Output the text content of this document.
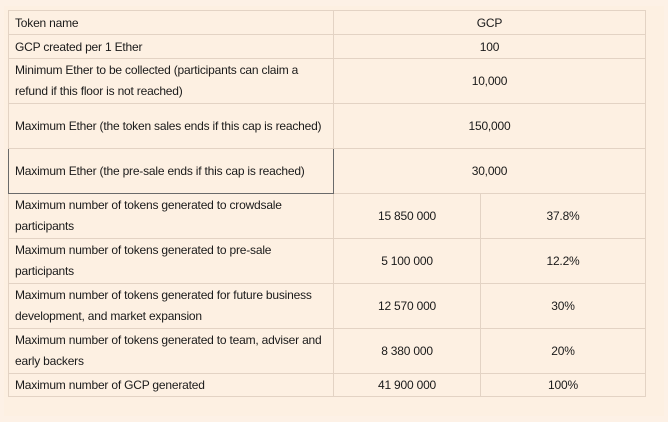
Token name	GCP	
GCP created per 1 Ether	100	
Minimum Ether to be collected (participants can claim a refund if this floor is not reached)	10,000	
Maximum Ether (the token sales ends if this cap is reached)	150,000	
Maximum Ether (the pre-sale ends if this cap is reached)	30,000	
Maximum number of tokens generated to crowdsale participants	15 850 000	37.8%
Maximum number of tokens generated to pre-sale participants	5 100 000	12.2%
Maximum number of tokens generated for future business development, and market expansion	12 570 000	30%
Maximum number of tokens generated to team, adviser and early backers	8 380 000	20%
Maximum number of GCP generated	41 900 000	100%
